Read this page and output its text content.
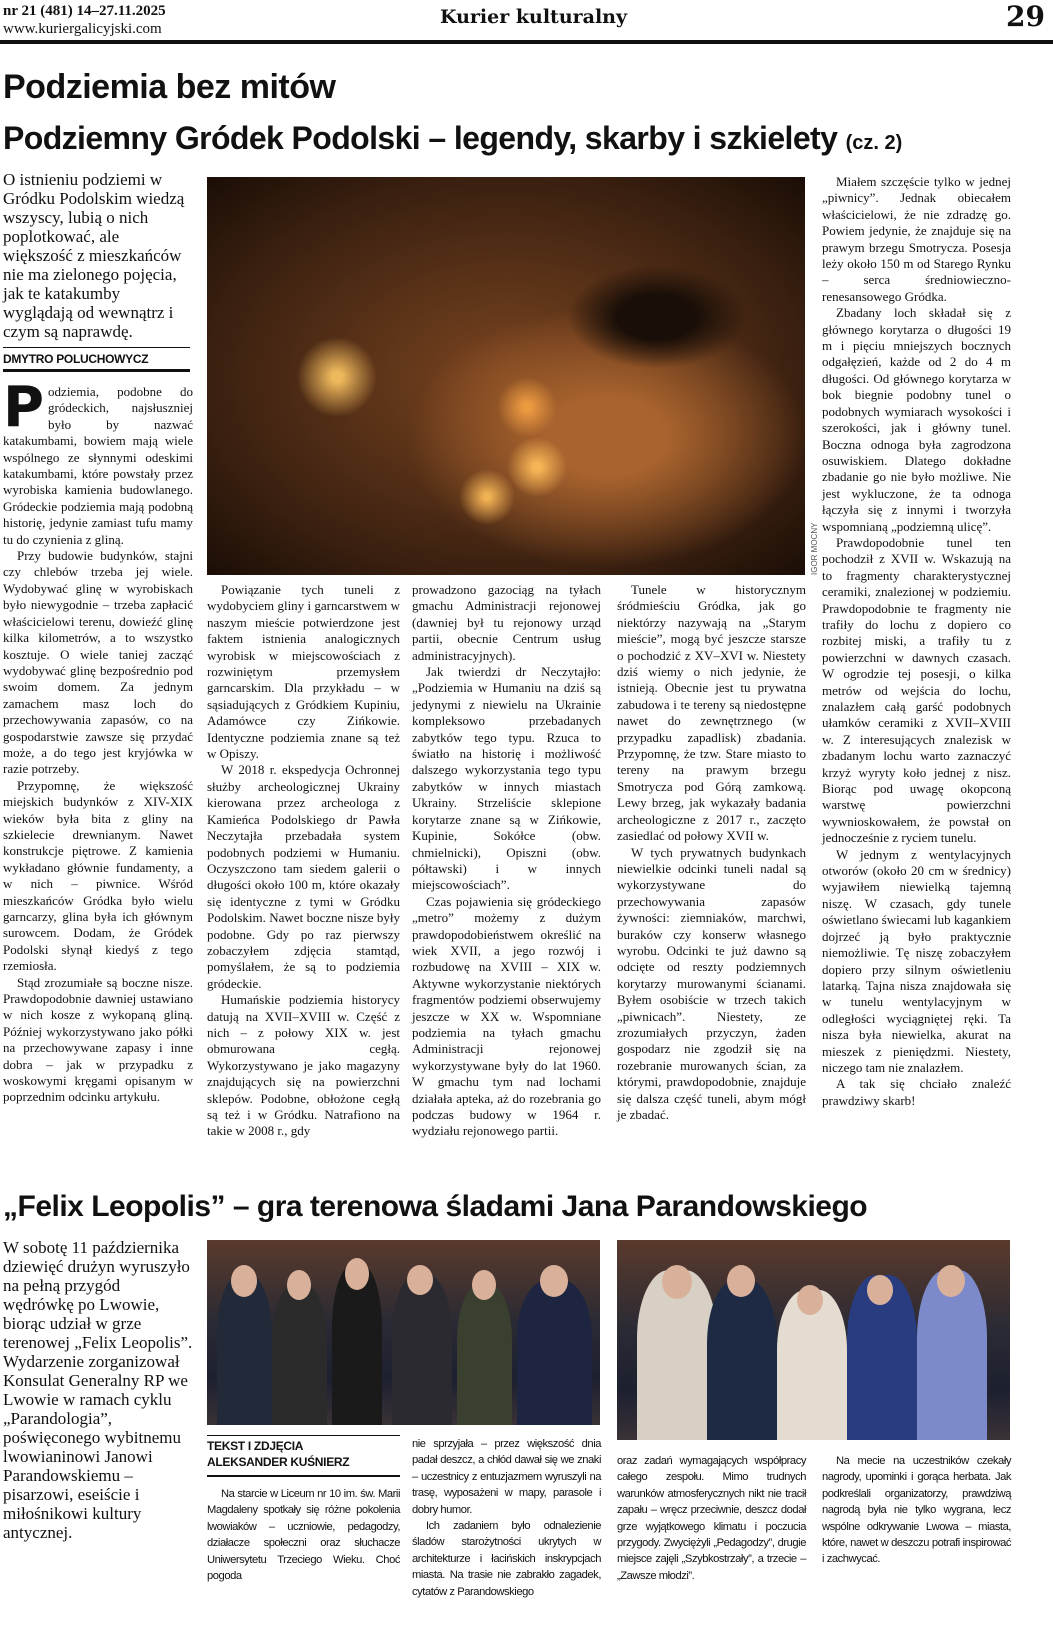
nr 21 (481) 14–27.11.2025
www.kuriergalicyjski.com
Kurier kulturalny	29
Podziemia bez mitów
Podziemny Gródek Podolski – legendy, skarby i szkielety (cz. 2)
O istnieniu podziemi w Gródku Podolskim wiedzą wszyscy, lubią o nich poplotkować, ale większość z mieszkańców nie ma zielonego pojęcia, jak te katakumby wyglądają od wewnątrz i czym są naprawdę.
DMYTRO POLUCHOWYCZ

Podziemia, podobne do gródeckich, najsłuszniej było by nazwać katakumbami, bowiem mają wiele wspólnego ze słynnymi odeskimi katakumbami, które powstały przez wyrobiska kamienia budowlanego. Gródeckie podziemia mają podobną historię, jedynie zamiast tufu mamy tu do czynienia z gliną.

Przy budowie budynków, stajni czy chlebów trzeba jej wiele. Wydobywać glinę w wyrobiskach było niewygodnie – trzeba zapłacić właścicielowi terenu, dowieźć glinę kilka kilometrów, a to wszystko kosztuje. O wiele taniej zacząć wydobywać glinę bezpośrednio pod swoim domem. Za jednym zamachem masz loch do przechowywania zapasów, co na gospodarstwie zawsze się przydać może, a do tego jest kryjówka w razie potrzeby.

Przypomnę, że większość miejskich budynków z XIV-XIX wieków była bita z gliny na szkielecie drewnianym. Nawet konstrukcje piętrowe. Z kamienia wykładano głównie fundamenty, a w nich – piwnice. Wśród mieszkańców Gródka było wielu garncarzy, glina była ich głównym surowcem. Dodam, że Gródek Podolski słynął kiedyś z tego rzemiosła.

Stąd zrozumiałe są boczne nisze. Prawdopodobnie dawniej ustawiano w nich kosze z wykopaną gliną. Później wykorzystywano jako półki na przechowywane zapasy i inne dobra – jak w przypadku z woskowymi kręgami opisanym w poprzednim odcinku artykułu.

IGOR MOCNY

Powiązanie tych tuneli z wydobyciem gliny i garncarstwem w naszym mieście potwierdzone jest faktem istnienia analogicznych wyrobisk w miejscowościach z rozwiniętym przemysłem garncarskim. Dla przykładu – w sąsiadujących z Gródkiem Kupiniu, Adamówce czy Zińkowie. Identyczne podziemia znane są też w Opiszy.

W 2018 r. ekspedycja Ochronnej służby archeologicznej Ukrainy kierowana przez archeologa z Kamieńca Podolskiego dr Pawła Neczytajła przebadała system podobnych podziemi w Humaniu. Oczyszczono tam siedem galerii o długości około 100 m, które okazały się identyczne z tymi w Gródku Podolskim. Nawet boczne nisze były podobne. Gdy po raz pierwszy zobaczyłem zdjęcia stamtąd, pomyślałem, że są to podziemia gródeckie.

Humańskie podziemia historycy datują na XVII–XVIII w. Część z nich – z połowy XIX w. jest obmurowana cegłą. Wykorzystywano je jako magazyny znajdujących się na powierzchni sklepów. Podobne, obłożone cegłą są też i w Gródku. Natrafiono na takie w 2008 r., gdy

prowadzono gazociąg na tyłach gmachu Administracji rejonowej (dawniej był tu rejonowy urząd partii, obecnie Centrum usług administracyjnych).

Jak twierdzi dr Neczytajło: „Podziemia w Humaniu na dziś są jedynymi z niewielu na Ukrainie kompleksowo przebadanych zabytków tego typu. Rzuca to światło na historię i możliwość dalszego wykorzystania tego typu zabytków w innych miastach Ukrainy. Strzeliście sklepione korytarze znane są w Zińkowie, Kupinie, Sokółce (obw. chmielnicki), Opiszni (obw. półtawski) i w innych miejscowościach”.

Czas pojawienia się gródeckiego „metro” możemy z dużym prawdopodobieństwem określić na wiek XVII, a jego rozwój i rozbudowę na XVIII – XIX w. Aktywne wykorzystanie niektórych fragmentów podziemi obserwujemy jeszcze w XX w. Wspomniane podziemia na tyłach gmachu Administracji rejonowej wykorzystywane były do lat 1960. W gmachu tym nad lochami działała apteka, aż do rozebrania go podczas budowy w 1964 r. wydziału rejonowego partii.

Tunele w historycznym śródmieściu Gródka, jak go niektórzy nazywają na „Starym mieście”, mogą być jeszcze starsze o pochodzić z XV–XVI w. Niestety dziś wiemy o nich jedynie, że istnieją. Obecnie jest tu prywatna zabudowa i te tereny są niedostępne nawet do zewnętrznego (w przypadku zapadlisk) zbadania. Przypomnę, że tzw. Stare miasto to tereny na prawym brzegu Smotrycza pod Górą zamkową. Lewy brzeg, jak wykazały badania archeologiczne z 2017 r., zaczęto zasiedlać od połowy XVII w.

W tych prywatnych budynkach niewielkie odcinki tuneli nadal są wykorzystywane do przechowywania zapasów żywności: ziemniaków, marchwi, buraków czy konserw własnego wyrobu. Odcinki te już dawno są odcięte od reszty podziemnych korytarzy murowanymi ścianami. Byłem osobiście w trzech takich „piwnicach”. Niestety, ze zrozumiałych przyczyn, żaden gospodarz nie zgodził się na rozebranie murowanych ścian, za którymi, prawdopodobnie, znajduje się dalsza część tuneli, abym mógł je zbadać.

Miałem szczęście tylko w jednej „piwnicy”. Jednak obiecałem właścicielowi, że nie zdradzę go. Powiem jedynie, że znajduje się na prawym brzegu Smotrycza. Posesja leży około 150 m od Starego Rynku – serca średniowieczno-renesansowego Gródka.

Zbadany loch składał się z głównego korytarza o długości 19 m i pięciu mniejszych bocznych odgałęzień, każde od 2 do 4 m długości. Od głównego korytarza w bok biegnie podobny tunel o podobnych wymiarach wysokości i szerokości, jak i główny tunel. Boczna odnoga była zagrodzona osuwiskiem. Dlatego dokładne zbadanie go nie było możliwe. Nie jest wykluczone, że ta odnoga łączyła się z innymi i tworzyła wspomnianą „podziemną ulicę”.

Prawdopodobnie tunel ten pochodził z XVII w. Wskazują na to fragmenty charakterystycznej ceramiki, znalezionej w podziemiu. Prawdopodobnie te fragmenty nie trafiły do lochu z dopiero co rozbitej miski, a trafiły tu z powierzchni w dawnych czasach. W ogrodzie tej posesji, o kilka metrów od wejścia do lochu, znalazłem całą garść podobnych ułamków ceramiki z XVII–XVIII w. Z interesujących znalezisk w zbadanym lochu warto zaznaczyć krzyż wyryty koło jednej z nisz. Biorąc pod uwagę okopconą warstwę powierzchni wywnioskowałem, że powstał on jednocześnie z ryciem tunelu.

W jednym z wentylacyjnych otworów (około 20 cm w średnicy) wyjawiłem niewielką tajemną niszę. W czasach, gdy tunele oświetlano świecami lub kagankiem dojrzeć ją było praktycznie niemożliwie. Tę niszę zobaczyłem dopiero przy silnym oświetleniu latarką. Tajna nisza znajdowała się w tunelu wentylacyjnym w odległości wyciągniętej ręki. Ta nisza była niewielka, akurat na mieszek z pieniędzmi. Niestety, niczego tam nie znalazłem.

A tak się chciało znaleźć prawdziwy skarb!

„Felix Leopolis” – gra terenowa śladami Jana Parandowskiego
W sobotę 11 października dziewięć drużyn wyruszyło na pełną przygód wędrówkę po Lwowie, biorąc udział w grze terenowej „Felix Leopolis”. Wydarzenie zorganizował Konsulat Generalny RP we Lwowie w ramach cyklu „Parandologia”, poświęconego wybitnemu lwowianinowi Janowi Parandowskiemu – pisarzowi, eseiście i miłośnikowi kultury antycznej.
TEKST I ZDJĘCIA
ALEKSANDER KUŚNIERZ

Na starcie w Liceum nr 10 im. św. Marii Magdaleny spotkały się różne pokolenia lwowiaków – uczniowie, pedagodzy, działacze społeczni oraz słuchacze Uniwersytetu Trzeciego Wieku. Choć pogoda

nie sprzyjała – przez większość dnia padał deszcz, a chłód dawał się we znaki – uczestnicy z entuzjazmem wyruszyli na trasę, wyposażeni w mapy, parasole i dobry humor.

Ich zadaniem było odnalezienie śladów starożytności ukrytych w architekturze i łacińskich inskrypcjach miasta. Na trasie nie zabrakło zagadek, cytatów z Parandowskiego

oraz zadań wymagających współpracy całego zespołu. Mimo trudnych warunków atmosferycznych nikt nie tracił zapału – wręcz przeciwnie, deszcz dodał grze wyjątkowego klimatu i poczucia przygody. Zwyciężyli „Pedagodzy”, drugie miejsce zajęli „Szybkostrzały”, a trzecie – „Zawsze młodzi”.

Na mecie na uczestników czekały nagrody, upominki i gorąca herbata. Jak podkreślali organizatorzy, prawdziwą nagrodą była nie tylko wygrana, lecz wspólne odkrywanie Lwowa – miasta, które, nawet w deszczu potrafi inspirować i zachwycać.
